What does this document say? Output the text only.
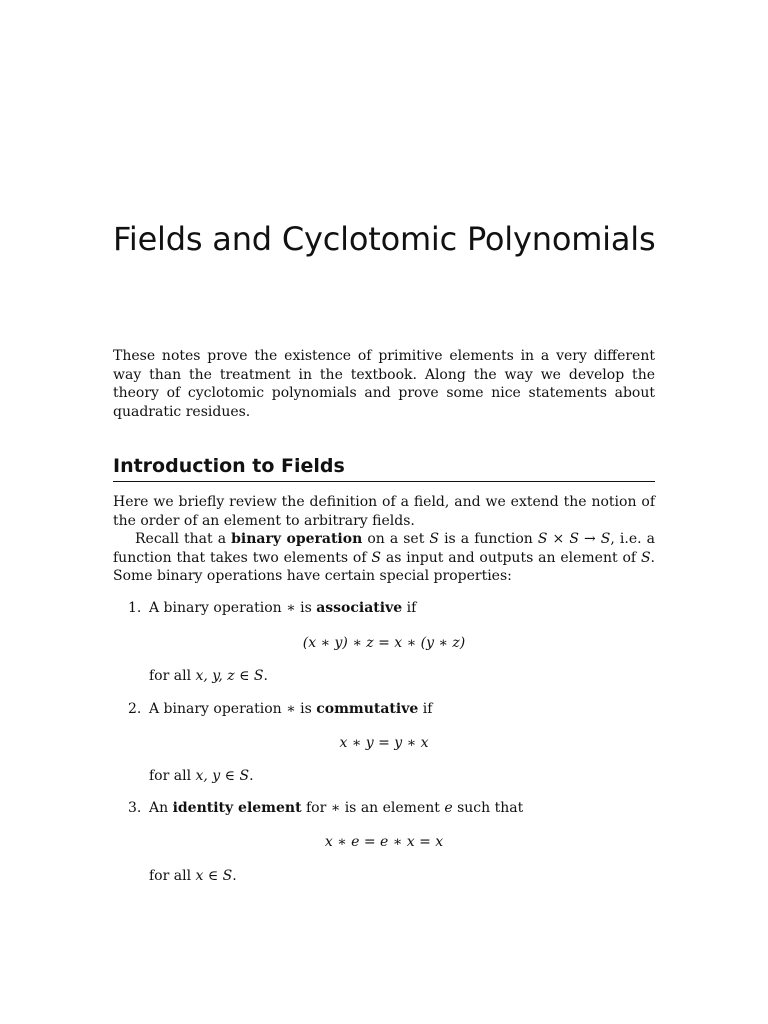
Fields and Cyclotomic Polynomials

These notes prove the existence of primitive elements in a very different way than the treatment in the textbook. Along the way we develop the theory of cyclotomic polynomials and prove some nice statements about quadratic residues.

Introduction to Fields

Here we briefly review the definition of a field, and we extend the notion of the order of an element to arbitrary fields.

Recall that a binary operation on a set S is a function S × S → S, i.e. a function that takes two elements of S as input and outputs an element of S. Some binary operations have certain special properties:

1. A binary operation ∗ is associative if
(x ∗ y) ∗ z = x ∗ (y ∗ z)
for all x, y, z ∈ S.
2. A binary operation ∗ is commutative if
x ∗ y = y ∗ x
for all x, y ∈ S.
3. An identity element for ∗ is an element e such that
x ∗ e = e ∗ x = x
for all x ∈ S.
